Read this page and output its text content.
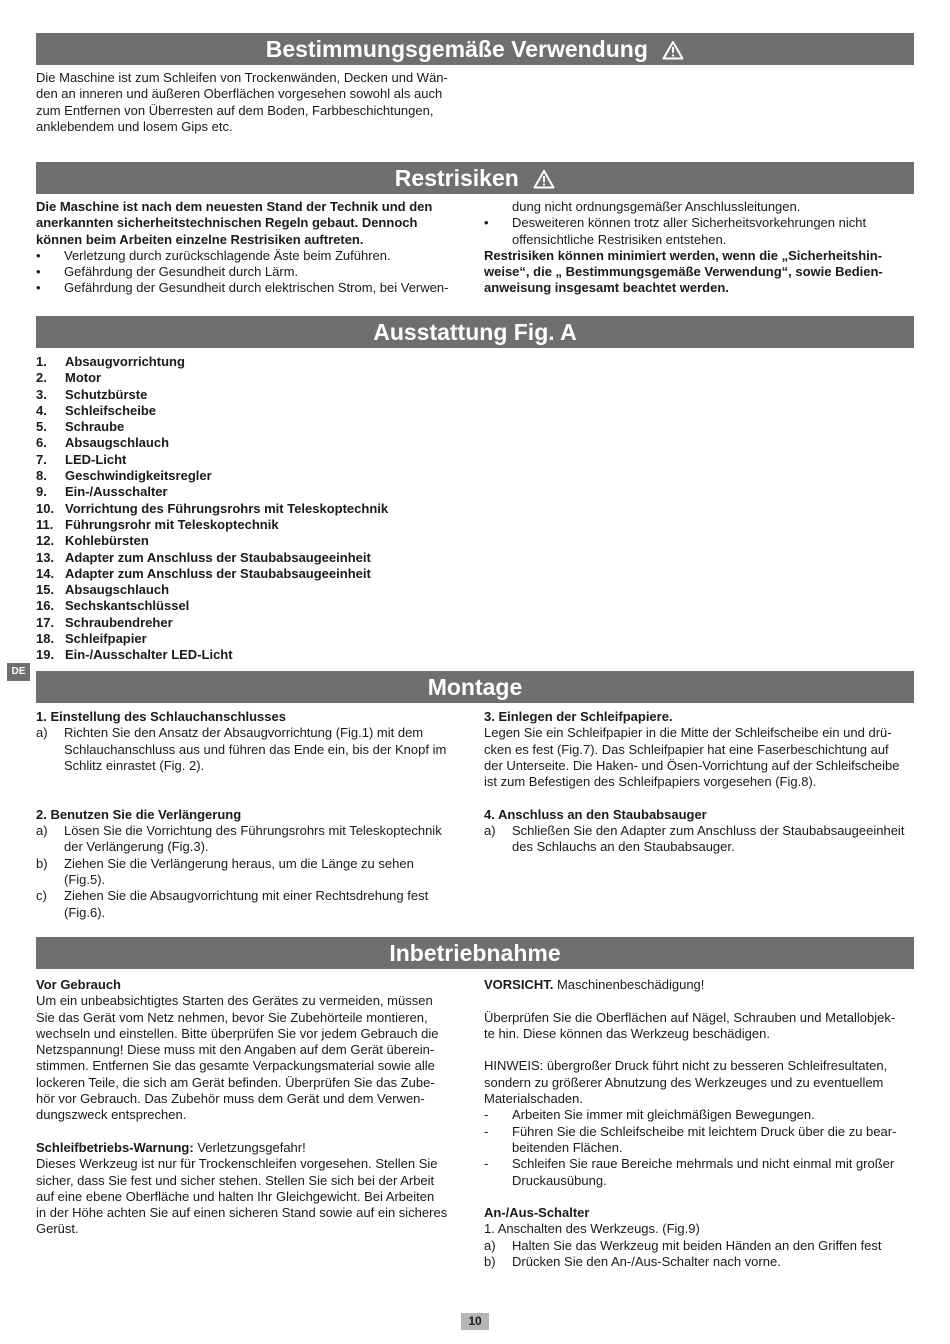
Bestimmungsgemäße Verwendung

Die Maschine ist zum Schleifen von Trockenwänden, Decken und Wän-

den an inneren und äußeren Oberflächen vorgesehen sowohl als auch

zum Entfernen von Überresten auf dem Boden, Farbbeschichtungen,

anklebendem und losem Gips etc.

Restrisiken

Die Maschine ist nach dem neuesten Stand der Technik und den

anerkannten sicherheitstechnischen Regeln gebaut. Dennoch

können beim Arbeiten einzelne Restrisiken auftreten.

•	Verletzung durch zurückschlagende Äste beim Zuführen.
•	Gefährdung der Gesundheit durch Lärm.
•	Gefährdung der Gesundheit durch elektrischen Strom, bei Verwen-

dung nicht ordnungsgemäßer Anschlussleitungen.

•	Desweiteren können trotz aller Sicherheitsvorkehrungen nicht

offensichtliche Restrisiken entstehen.

Restrisiken können minimiert werden, wenn die „Sicherheitshin-

weise“, die „ Bestimmungsgemäße Verwendung“, sowie Bedien-

anweisung insgesamt beachtet werden.

Ausstattung Fig. A
1.	Absaugvorrichtung
2.	Motor
3.	Schutzbürste
4.	Schleifscheibe
5.	Schraube
6.	Absaugschlauch
7.	LED-Licht
8.	Geschwindigkeitsregler
9.	Ein-/Ausschalter
10. Vorrichtung des Führungsrohrs mit Teleskoptechnik
11. Führungsrohr mit Teleskoptechnik
12. Kohlebürsten
13. Adapter zum Anschluss der Staubabsaugeeinheit
14. Adapter zum Anschluss der Staubabsaugeeinheit
15. Absaugschlauch
16. Sechskantschlüssel
17. Schraubendreher
18. Schleifpapier
19. Ein-/Ausschalter LED-Licht
DE
Montage

1. Einstellung des Schlauchanschlusses

a)	Richten Sie den Ansatz der Absaugvorrichtung (Fig.1) mit dem

Schlauchanschluss aus und führen das Ende ein, bis der Knopf im

Schlitz einrastet (Fig. 2).

2. Benutzen Sie die Verlängerung

a)	Lösen Sie die Vorrichtung des Führungsrohrs mit Teleskoptechnik

der Verlängerung (Fig.3).

b)	Ziehen Sie die Verlängerung heraus, um die Länge zu sehen

(Fig.5).

c)	Ziehen Sie die Absaugvorrichtung mit einer Rechtsdrehung fest

(Fig.6).

3. Einlegen der Schleifpapiere.

Legen Sie ein Schleifpapier in die Mitte der Schleifscheibe ein und drü-

cken es fest (Fig.7). Das Schleifpapier hat eine Faserbeschichtung auf

der Unterseite. Die Haken- und Ösen-Vorrichtung auf der Schleifscheibe

ist zum Befestigen des Schleifpapiers vorgesehen (Fig.8).

4. Anschluss an den Staubabsauger

a)	Schließen Sie den Adapter zum Anschluss der Staubabsaugeeinheit

des Schlauchs an den Staubabsauger.

Inbetriebnahme

Vor Gebrauch

Um ein unbeabsichtigtes Starten des Gerätes zu vermeiden, müssen

Sie das Gerät vom Netz nehmen, bevor Sie Zubehörteile montieren,

wechseln und einstellen. Bitte überprüfen Sie vor jedem Gebrauch die

Netzspannung! Diese muss mit den Angaben auf dem Gerät überein-

stimmen. Entfernen Sie das gesamte Verpackungsmaterial sowie alle

lockeren Teile, die sich am Gerät befinden. Überprüfen Sie das Zube-

hör vor Gebrauch. Das Zubehör muss dem Gerät und dem Verwen-

dungszweck entsprechen.

Schleifbetriebs-Warnung: Verletzungsgefahr!

Dieses Werkzeug ist nur für Trockenschleifen vorgesehen. Stellen Sie

sicher, dass Sie fest und sicher stehen. Stellen Sie sich bei der Arbeit

auf eine ebene Oberfläche und halten Ihr Gleichgewicht. Bei Arbeiten

in der Höhe achten Sie auf einen sicheren Stand sowie auf ein sicheres

Gerüst.

VORSICHT. Maschinenbeschädigung!

Überprüfen Sie die Oberflächen auf Nägel, Schrauben und Metallobjek-

te hin. Diese können das Werkzeug beschädigen.

HINWEIS: übergroßer Druck führt nicht zu besseren Schleifresultaten,

sondern zu größerer Abnutzung des Werkzeuges und zu eventuellem

Materialschaden.

-	Arbeiten Sie immer mit gleichmäßigen Bewegungen.
-	Führen Sie die Schleifscheibe mit leichtem Druck über die zu bear-

beitenden Flächen.

-	Schleifen Sie raue Bereiche mehrmals und nicht einmal mit großer

Druckausübung.

An-/Aus-Schalter

1. Anschalten des Werkzeugs. (Fig.9)

a)	Halten Sie das Werkzeug mit beiden Händen an den Griffen fest
b)	Drücken Sie den An-/Aus-Schalter nach vorne.
10
